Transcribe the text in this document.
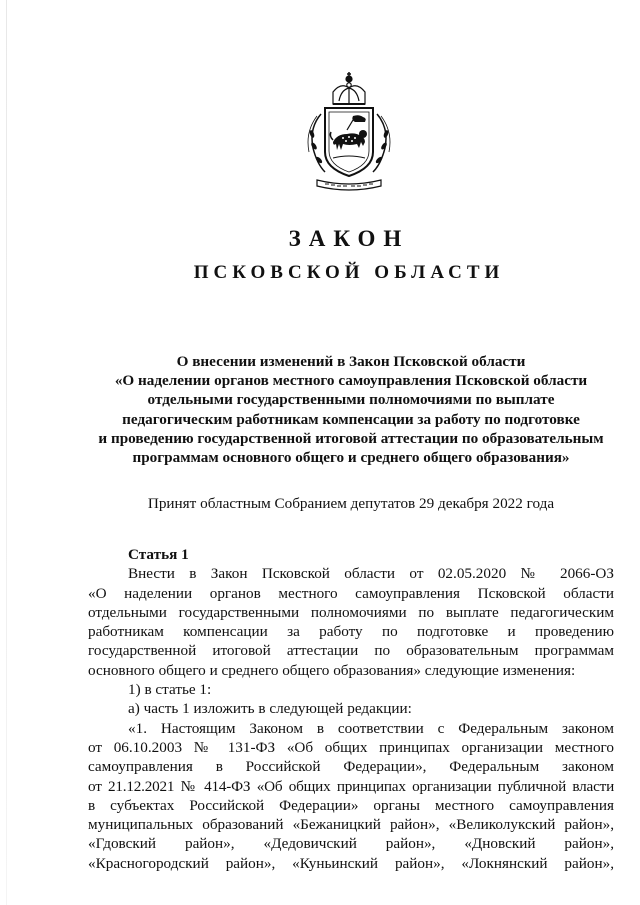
ЗАКОН
ПСКОВСКОЙ ОБЛАСТИ
О внесении изменений в Закон Псковской области
«О наделении органов местного самоуправления Псковской области
отдельными государственными полномочиями по выплате
педагогическим работникам компенсации за работу по подготовке
и проведению государственной итоговой аттестации по образовательным
программам основного общего и среднего общего образования»
Принят областным Собранием депутатов 29 декабря 2022 года

Статья 1

Внести в Закон Псковской области от 02.05.2020 № 2066-ОЗ

«О наделении органов местного самоуправления Псковской области

отдельными государственными полномочиями по выплате педагогическим

работникам компенсации за работу по подготовке и проведению

государственной итоговой аттестации по образовательным программам

основного общего и среднего общего образования» следующие изменения:

1) в статье 1:

а) часть 1 изложить в следующей редакции:

«1. Настоящим Законом в соответствии с Федеральным законом

от 06.10.2003 № 131-ФЗ «Об общих принципах организации местного

самоуправления в Российской Федерации», Федеральным законом

от 21.12.2021 № 414-ФЗ «Об общих принципах организации публичной власти

в субъектах Российской Федерации» органы местного самоуправления

муниципальных образований «Бежаницкий район», «Великолукский район»,

«Гдовский район», «Дедовичский район», «Дновский район»,

«Красногородский район», «Куньинский район», «Локнянский район»,
